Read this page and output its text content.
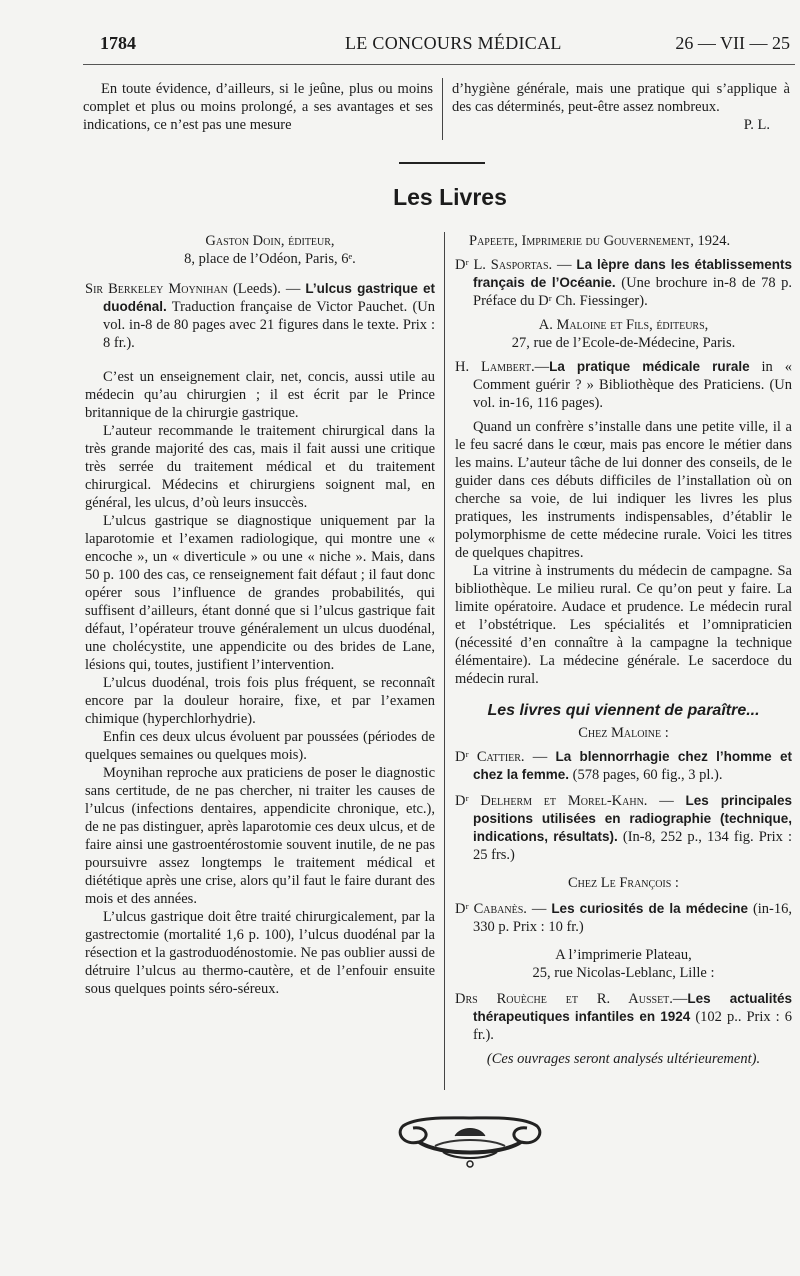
1784	LE CONCOURS MÉDICAL	26 — VII — 25

En toute évidence, d’ailleurs, si le jeûne, plus ou moins complet et plus ou moins prolongé, a ses avantages et ses indications, ce n’est pas une mesure

d’hygiène générale, mais une pratique qui s’applique à des cas déterminés, peut-être assez nombreux.

P. L.

Les Livres

Gaston Doin, éditeur,

8, place de l’Odéon, Paris, 6ᵉ.

Sir Berkeley Moynihan (Leeds). — L’ulcus gastrique et duodénal. Traduction française de Victor Pauchet. (Un vol. in-8 de 80 pages avec 21 figures dans le texte. Prix : 8 fr.).

C’est un enseignement clair, net, concis, aussi utile au médecin qu’au chirurgien ; il est écrit par le Prince britannique de la chirurgie gastrique.

L’auteur recommande le traitement chirurgical dans la très grande majorité des cas, mais il fait aussi une critique très serrée du traitement médical et du traitement chirurgical. Médecins et chirurgiens soignent mal, en général, les ulcus, d’où leurs insuccès.

L’ulcus gastrique se diagnostique uniquement par la laparotomie et l’examen radiologique, qui montre une « encoche », un « diverticule » ou une « niche ». Mais, dans 50 p. 100 des cas, ce renseignement fait défaut ; il faut donc opérer sous l’influence de grandes probabilités, qui suffisent d’ailleurs, étant donné que si l’ulcus gastrique fait défaut, l’opérateur trouve généralement un ulcus duodénal, une cholécystite, une appendicite ou des brides de Lane, lésions qui, toutes, justifient l’intervention.

L’ulcus duodénal, trois fois plus fréquent, se reconnaît encore par la douleur horaire, fixe, et par l’examen chimique (hyperchlorhydrie).

Enfin ces deux ulcus évoluent par poussées (périodes de quelques semaines ou quelques mois).

Moynihan reproche aux praticiens de poser le diagnostic sans certitude, de ne pas chercher, ni traiter les causes de l’ulcus (infections dentaires, appendicite chronique, etc.), de ne pas distinguer, après laparotomie ces deux ulcus, et de faire ainsi une gastroentérostomie souvent inutile, de ne pas poursuivre assez longtemps le traitement médical et diététique après une crise, alors qu’il faut le faire durant des mois et des années.

L’ulcus gastrique doit être traité chirurgicalement, par la gastrectomie (mortalité 1,6 p. 100), l’ulcus duodénal par la résection et la gastroduodénostomie. Ne pas oublier aussi de détruire l’ulcus au thermo-cautère, et de l’enfouir ensuite sous quelques points séro-séreux.

Papeete, Imprimerie du Gouvernement, 1924.

Dʳ L. Sasportas. — La lèpre dans les établissements français de l’Océanie. (Une brochure in-8 de 78 p. Préface du Dʳ Ch. Fiessinger).

A. Maloine et Fils, éditeurs,

27, rue de l’Ecole-de-Médecine, Paris.

H. Lambert.—La pratique médicale rurale in « Comment guérir ? » Bibliothèque des Praticiens. (Un vol. in-16, 116 pages).

Quand un confrère s’installe dans une petite ville, il a le feu sacré dans le cœur, mais pas encore le métier dans les mains. L’auteur tâche de lui donner des conseils, de le guider dans ces débuts difficiles de l’installation où on cherche sa voie, de lui indiquer les livres les plus pratiques, les instruments indispensables, d’établir le polymorphisme de cette médecine rurale. Voici les titres de quelques chapitres.

La vitrine à instruments du médecin de campagne. Sa bibliothèque. Le milieu rural. Ce qu’on peut y faire. La limite opératoire. Audace et prudence. Le médecin rural et l’obstétrique. Les spécialités et l’omnipraticien (nécessité d’en connaître à la campagne la technique élémentaire). La médecine générale. Le sacerdoce du médecin rural.

Les livres qui viennent de paraître...

Chez Maloine :

Dʳ Cattier. — La blennorrhagie chez l’homme et chez la femme. (578 pages, 60 fig., 3 pl.).

Dʳ Delherm et Morel-Kahn. — Les principales positions utilisées en radiographie (technique, indications, résultats). (In-8, 252 p., 134 fig. Prix : 25 frs.)

Chez Le François :

Dʳ Cabanès. — Les curiosités de la médecine (in-16, 330 p. Prix : 10 fr.)

A l’imprimerie Plateau,

25, rue Nicolas-Leblanc, Lille :

Drs Rouèche et R. Ausset.—Les actualités thérapeutiques infantiles en 1924 (102 p.. Prix : 6 fr.).

(Ces ouvrages seront analysés ultérieurement).
